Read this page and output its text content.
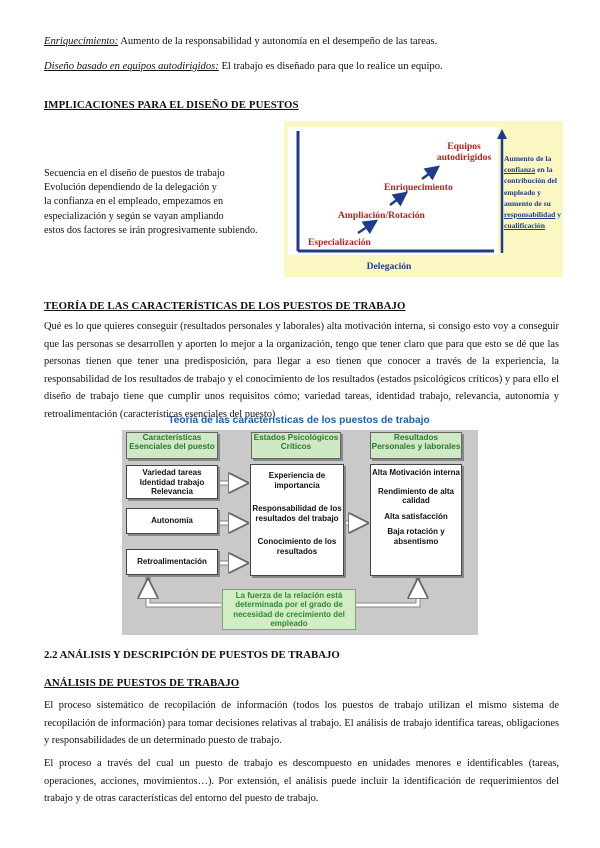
Enriquecimiento: Aumento de la responsabilidad y autonomía en el desempeño de las tareas.
Diseño basado en equipos autodirigidos: El trabajo es diseñado para que lo realice un equipo.
IMPLICACIONES PARA EL DISEÑO DE PUESTOS
Secuencia en el diseño de puestos de trabajo
Evolución dependiendo de la delegación y
la confianza en el empleado, empezamos en
especialización y según se vayan ampliando
estos dos factores se irán progresivamente subiendo.
Especialización
Ampliación/Rotación
Enriquecimiento
Equipos autodirigidos	Aumento de la confianza en la contribución del empleado y aumento de su responsabilidad y cualificación
Delegación
TEORÍA DE LAS CARACTERÍSTICAS DE LOS PUESTOS DE TRABAJO
Qué es lo que quieres conseguir (resultados personales y laborales) alta motivación interna, si consigo esto voy a conseguir que las personas se desarrollen y aporten lo mejor a la organización, tengo que tener claro que para que esto se dé que las personas tienen que tener una predisposición, para llegar a eso tienen que conocer a través de la experiencia, la responsabilidad de los resultados de trabajo y el conocimiento de los resultados (estados psicológicos críticos) y para ello el diseño de trabajo tiene que cumplir unos requisitos cómo; variedad tareas, identidad trabajo, relevancia, autonomía y retroalimentación (características esenciales del puesto)
Teoría de las características de los puestos de trabajo
Características Esenciales del puesto
Estados Psicológicos Críticos
Resultados Personales y laborales
Variedad tareas Identidad trabajo Relevancia
Autonomía
Retroalimentación
Experiencia de importancia
Responsabilidad de los resultados del trabajo
Conocimiento de los resultados
Alta Motivación interna
Rendimiento de alta calidad
Alta satisfacción
Baja rotación y absentismo
La fuerza de la relación está determinada por el grado de necesidad de crecimiento del empleado
2.2 ANÁLISIS Y DESCRIPCIÓN DE PUESTOS DE TRABAJO
ANÁLISIS DE PUESTOS DE TRABAJO
El proceso sistemático de recopilación de información (todos los puestos de trabajo utilizan el mismo sistema de recopilación de información) para tomar decisiones relativas al trabajo. El análisis de trabajo identifica tareas, obligaciones y responsabilidades de un determinado puesto de trabajo.
El proceso a través del cual un puesto de trabajo es descompuesto en unidades menores e identificables (tareas, operaciones, acciones, movimientos…). Por extensión, el análisis puede incluir la identificación de requerimientos del trabajo y de otras características del entorno del puesto de trabajo.
